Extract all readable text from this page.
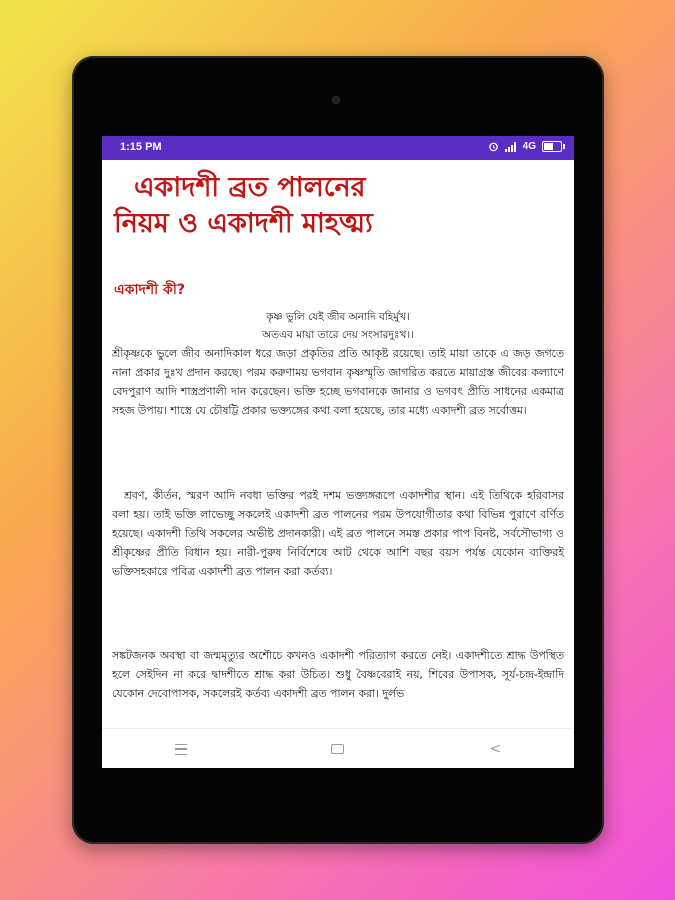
1:15 PM	4G
একাদশী ব্রত পালনের
নিয়ম ও একাদশী মাহত্ম্য
একাদশী কী?
কৃষ্ণ ভুলি যেই জীব অনাদি বহির্মুখ।
অতএব মায়া তারে দেয় সংসারদুঃখ।।

শ্রীকৃষ্ণকে ভুলে জীব অনাদিকাল ধরে জড়া প্রকৃতির প্রতি আকৃষ্ট রয়েছে। তাই মায়া তাকে এ জড় জগতে নানা প্রকার দুঃখ প্রদান করছে। পরম করুণাময় ভগবান কৃষ্ণস্মৃতি জাগরিত করতে মায়াগ্রস্ত জীবের কল্যাণে বেদপুরাণ আদি শাস্ত্রপ্রণালী দান করেছেন। ভক্তি হচ্ছে ভগবানকে জানার ও ভগবৎ প্রীতি সাধনের একমাত্র সহজ উপায়। শাস্ত্রে যে চৌষট্টি প্রকার ভক্ত্যঙ্গের কথা বলা হয়েছে, তার মধ্যে একাদশী ব্রত সর্বোত্তম।

শ্রবণ, কীর্তন, স্মরণ আদি নবধা ভক্তির পরই দশম ভক্ত্যঙ্গরূপে একাদশীর স্থান। এই তিথিকে হরিবাসর বলা হয়। তাই ভক্তি লাভেচ্ছু সকলেই একাদশী ব্রত পালনের পরম উপযোগীতার কথা বিভিন্ন পুরাণে বর্ণিত হয়েছে। একাদশী তিথি সকলের অভীষ্ট প্রদানকারী। এই ব্রত পালনে সমস্ত প্রকার পাপ বিনষ্ট, সর্বসৌভাগ্য ও শ্রীকৃষ্ণের প্রীতি বিধান হয়। নারী-পুরুষ নির্বিশেষে আট থেকে আশি বছর বয়স পর্যন্ত যেকোন ব্যক্তিরই ভক্তিসহকারে পবিত্র একাদশী ব্রত পালন করা কর্তব্য।

সঙ্কটজনক অবস্থা বা জন্মমৃত্যুর অশৌচে কখনও একাদশী পরিত্যাগ করতে নেই। একাদশীতে শ্রাদ্ধ উপস্থিত হলে সেইদিন না করে দ্বাদশীতে শ্রাদ্ধ করা উচিত। শুধু বৈষ্ণবেরাই নয়, শিবের উপাসক, সূর্য-চন্দ্র-ইন্দ্রাদি যেকোন দেবোপাসক, সকলেরই কর্তব্য একাদশী ব্রত পালন করা। দুর্লভ

<
